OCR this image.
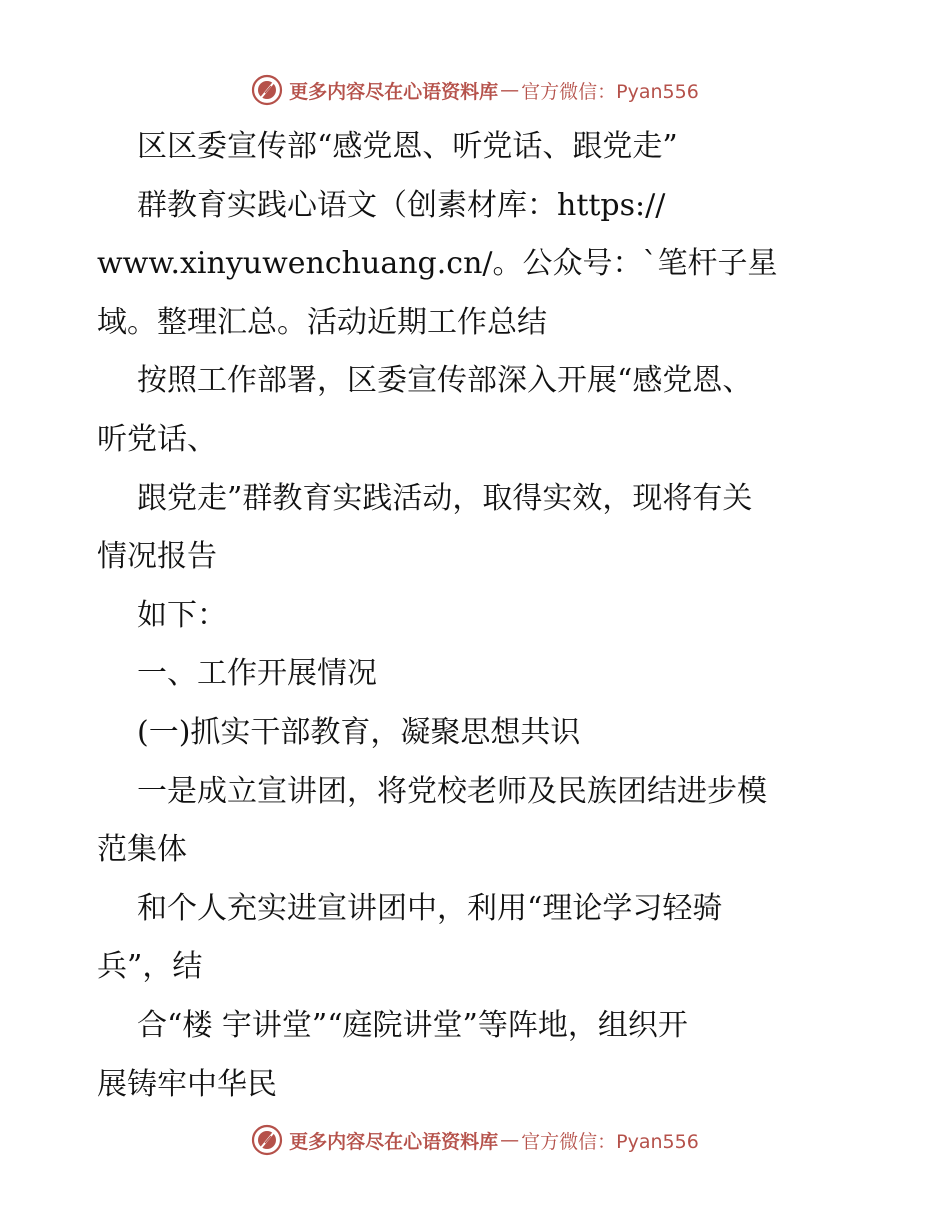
更多内容尽在心语资料库 — 官方微信：Pyan556
区区委宣传部“感党恩、听党话、跟党走”
群教育实践心语文（创素材库：https://
www.xinyuwenchuang.cn/。公众号：`笔杆子星
域。整理汇总。活动近期工作总结
按照工作部署，区委宣传部深入开展“感党恩、
听党话、
跟党走”群教育实践活动，取得实效，现将有关
情况报告
如下：
一、工作开展情况
(一)抓实干部教育，凝聚思想共识
一是成立宣讲团，将党校老师及民族团结进步模
范集体
和个人充实进宣讲团中，利用“理论学习轻骑
兵”，结
合“楼 宇讲堂”“庭院讲堂”等阵地，组织开
展铸牢中华民
更多内容尽在心语资料库 — 官方微信：Pyan556
